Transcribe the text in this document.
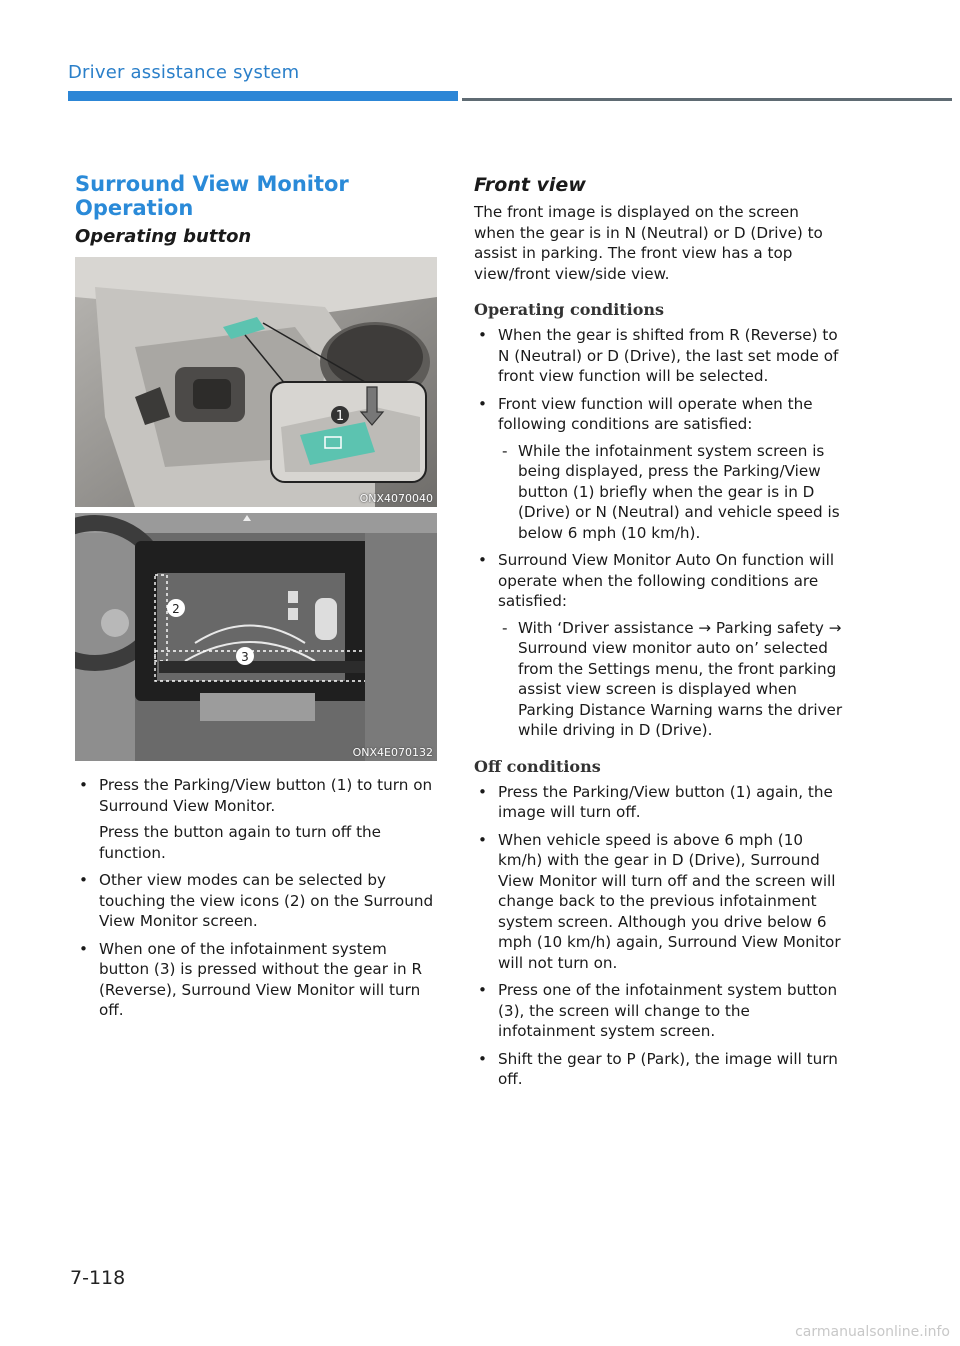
Driver assistance system
Surround View Monitor Operation
Operating button
1
ONX4070040
2
3
ONX4E070132
• Press the Parking/View button (1) to turn on Surround View Monitor.
Press the button again to turn off the function.
• Other view modes can be selected by touching the view icons (2) on the Surround View Monitor screen.
• When one of the infotainment system button (3) is pressed without the gear in R (Reverse), Surround View Monitor will turn off.
Front view

The front image is displayed on the screen when the gear is in N (Neutral) or D (Drive) to assist in parking. The front view has a top view/front view/side view.

Operating conditions
• When the gear is shifted from R (Reverse) to N (Neutral) or D (Drive), the last set mode of front view function will be selected.
• Front view function will operate when the following conditions are satisfied:
- While the infotainment system screen is being displayed, press the Parking/View button (1) briefly when the gear is in D (Drive) or N (Neutral) and vehicle speed is below 6 mph (10 km/h).
• Surround View Monitor Auto On function will operate when the following conditions are satisfied:
- With ‘Driver assistance → Parking safety → Surround view monitor auto on’ selected from the Settings menu, the front parking assist view screen is displayed when Parking Distance Warning warns the driver while driving in D (Drive).
Off conditions
• Press the Parking/View button (1) again, the image will turn off.
• When vehicle speed is above 6 mph (10 km/h) with the gear in D (Drive), Surround View Monitor will turn off and the screen will change back to the previous infotainment system screen. Although you drive below 6 mph (10 km/h) again, Surround View Monitor will not turn on.
• Press one of the infotainment system button (3), the screen will change to the infotainment system screen.
• Shift the gear to P (Park), the image will turn off.
7-118
carmanualsonline.info
